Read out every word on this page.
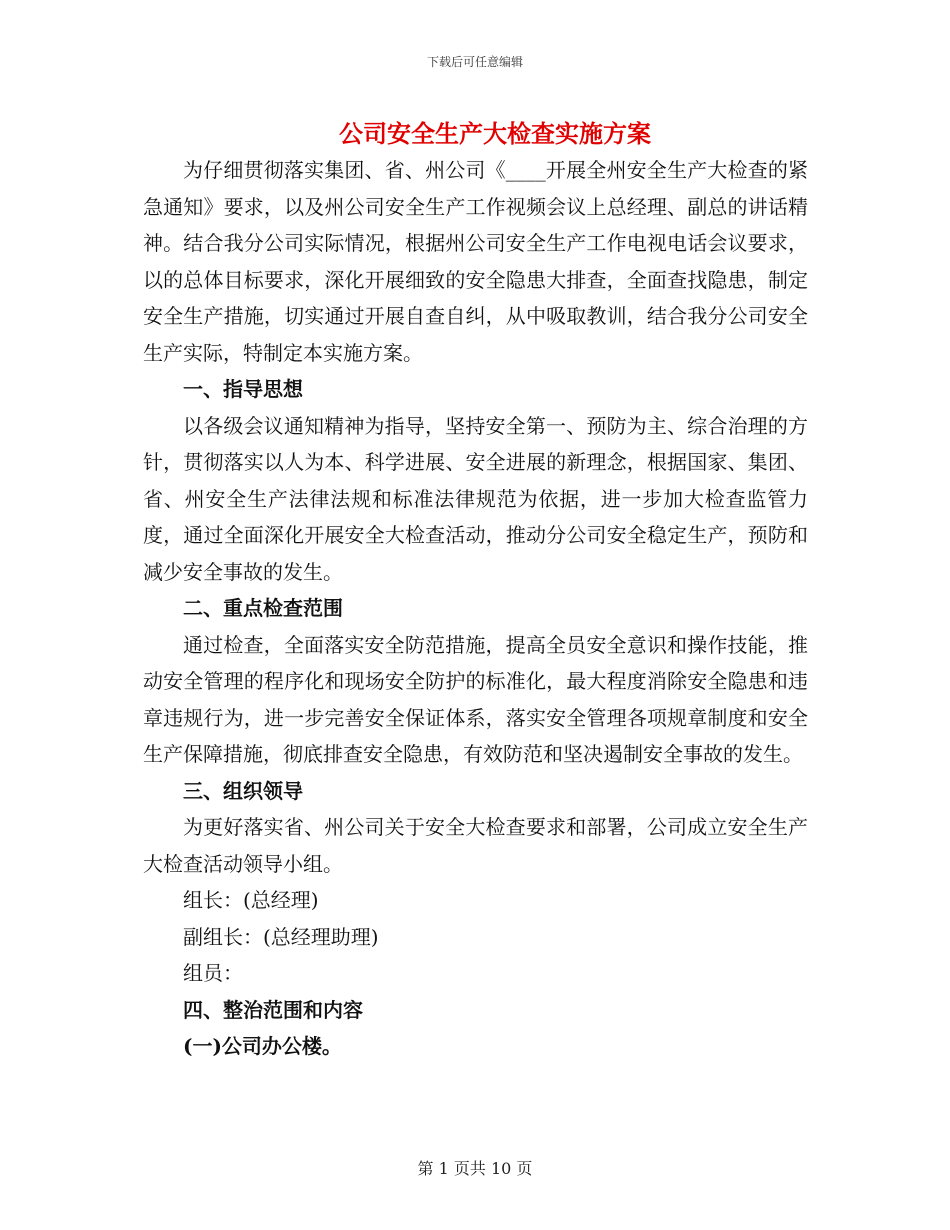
下载后可任意编辑
公司安全生产大检查实施方案

为仔细贯彻落实集团、省、州公司《____开展全州安全生产大检查的紧急通知》要求，以及州公司安全生产工作视频会议上总经理、副总的讲话精神。结合我分公司实际情况，根据州公司安全生产工作电视电话会议要求，以的总体目标要求，深化开展细致的安全隐患大排查，全面查找隐患，制定安全生产措施，切实通过开展自查自纠，从中吸取教训，结合我分公司安全生产实际，特制定本实施方案。

一、指导思想

以各级会议通知精神为指导，坚持安全第一、预防为主、综合治理的方针，贯彻落实以人为本、科学进展、安全进展的新理念，根据国家、集团、省、州安全生产法律法规和标准法律规范为依据，进一步加大检查监管力度，通过全面深化开展安全大检查活动，推动分公司安全稳定生产，预防和减少安全事故的发生。

二、重点检查范围

通过检查，全面落实安全防范措施，提高全员安全意识和操作技能，推动安全管理的程序化和现场安全防护的标准化，最大程度消除安全隐患和违章违规行为，进一步完善安全保证体系，落实安全管理各项规章制度和安全生产保障措施，彻底排查安全隐患，有效防范和坚决遏制安全事故的发生。

三、组织领导

为更好落实省、州公司关于安全大检查要求和部署，公司成立安全生产大检查活动领导小组。

组长：(总经理)

副组长：(总经理助理)

组员：

四、整治范围和内容

(一)公司办公楼。

第 1 页共 10 页
